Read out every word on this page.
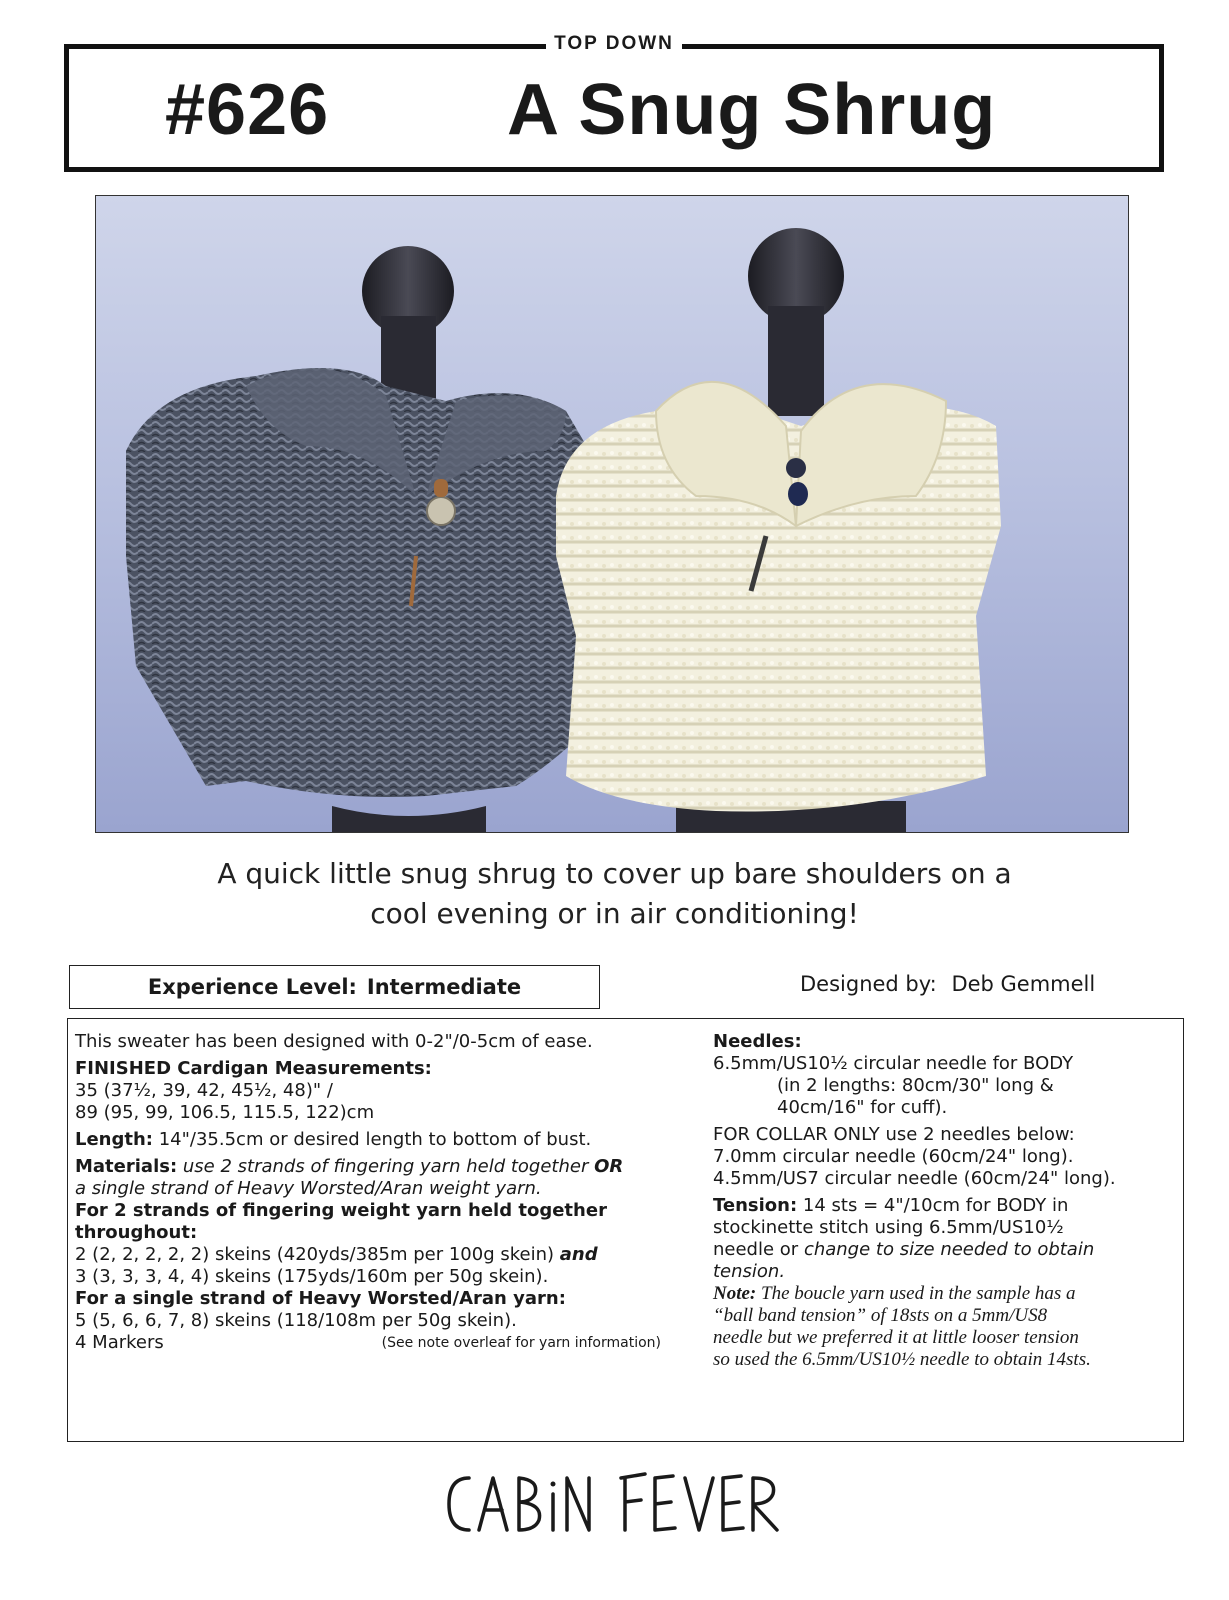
TOP DOWN
#626 A Snug Shrug
A quick little snug shrug to cover up bare shoulders on a
cool evening or in air conditioning!
Experience Level: Intermediate	Designed by: Deb Gemmell
This sweater has been designed with 0-2"/0-5cm of ease.
FINISHED Cardigan Measurements:
35 (37½, 39, 42, 45½, 48)" /
89 (95, 99, 106.5, 115.5, 122)cm
Length: 14"/35.5cm or desired length to bottom of bust.
Materials: use 2 strands of fingering yarn held together OR
a single strand of Heavy Worsted/Aran weight yarn.
For 2 strands of fingering weight yarn held together
throughout:
2 (2, 2, 2, 2, 2) skeins (420yds/385m per 100g skein) and
3 (3, 3, 3, 4, 4) skeins (175yds/160m per 50g skein).
For a single strand of Heavy Worsted/Aran yarn:
5 (5, 6, 6, 7, 8) skeins (118/108m per 50g skein).
4 Markers	(See note overleaf for yarn information)
Needles:
6.5mm/US10½ circular needle for BODY
(in 2 lengths: 80cm/30" long &
40cm/16" for cuff).
FOR COLLAR ONLY use 2 needles below:
7.0mm circular needle (60cm/24" long).
4.5mm/US7 circular needle (60cm/24" long).
Tension: 14 sts = 4"/10cm for BODY in
stockinette stitch using 6.5mm/US10½
needle or change to size needed to obtain
tension.
Note: The boucle yarn used in the sample has a
“ball band tension” of 18sts on a 5mm/US8
needle but we preferred it at little looser tension
so used the 6.5mm/US10½ needle to obtain 14sts.
